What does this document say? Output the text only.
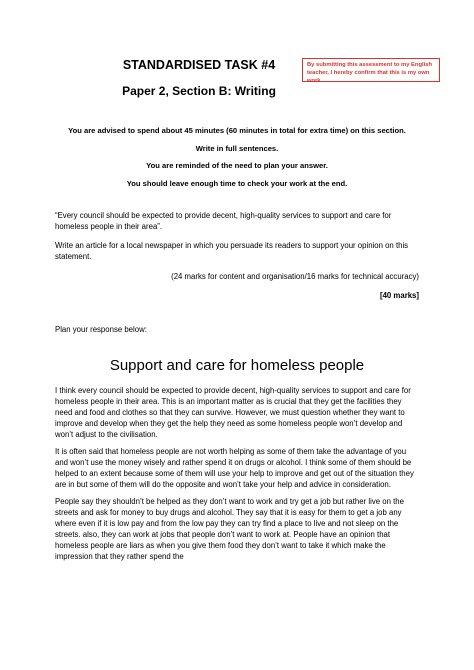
STANDARDISED TASK #4
Paper 2, Section B: Writing
By submitting this assessment to my English teacher, I hereby confirm that this is my own work.
You are advised to spend about 45 minutes (60 minutes in total for extra time) on this section.
Write in full sentences.
You are reminded of the need to plan your answer.
You should leave enough time to check your work at the end.
“Every council should be expected to provide decent, high-quality services to support and care for homeless people in their area”.
Write an article for a local newspaper in which you persuade its readers to support your opinion on this statement.
(24 marks for content and organisation/16 marks for technical accuracy)
[40 marks]
Plan your response below:
Support and care for homeless people

I think every council should be expected to provide decent, high-quality services to support and care for homeless people in their area. This is an important matter as is crucial that they get the facilities they need and food and clothes so that they can survive. However, we must question whether they want to improve and develop when they get the help they need as some homeless people won’t develop and won’t adjust to the civilisation.

It is often said that homeless people are not worth helping as some of them take the advantage of you and won’t use the money wisely and rather spend it on drugs or alcohol. I think some of them should be helped to an extent because some of them will use your help to improve and get out of the situation they are in but some of them will do the opposite and won’t take your help and advice in consideration.

People say they shouldn’t be helped as they don’t want to work and try get a job but rather live on the streets and ask for money to buy drugs and alcohol. They say that it is easy for them to get a job any where even if it is low pay and from the low pay they can try find a place to live and not sleep on the streets. also, they can work at jobs that people don’t want to work at. People have an opinion that homeless people are liars as when you give them food they don’t want to take it which make the impression that they rather spend the
